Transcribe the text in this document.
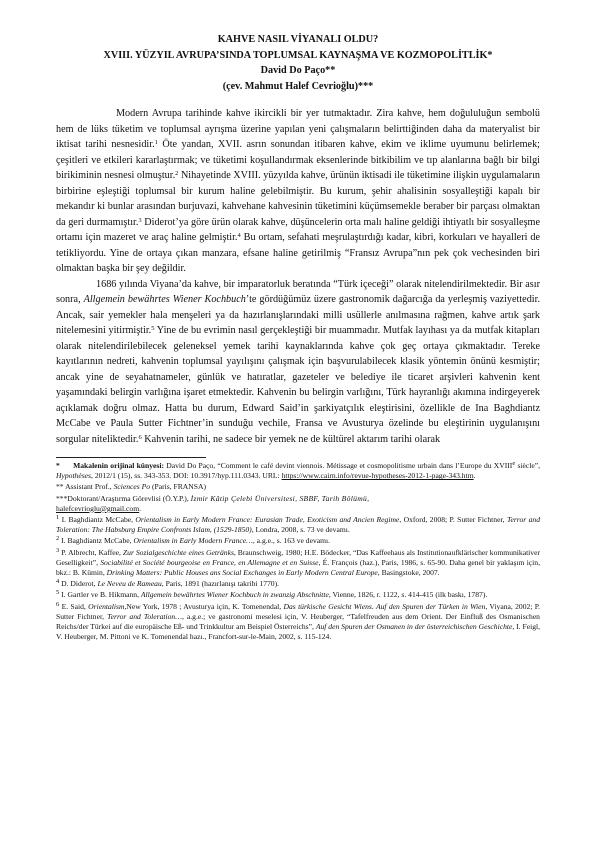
KAHVE NASIL VİYANALI OLDU?
XVIII. YÜZYIL AVRUPA’SINDA TOPLUMSAL KAYNAŞMA VE KOZMOPOLİTLİK*
David Do Paço**
(çev. Mahmut Halef Cevrioğlu)***

Modern Avrupa tarihinde kahve ikircikli bir yer tutmaktadır. Zira kahve, hem doğululuğun sembolü hem de lüks tüketim ve toplumsal ayrışma üzerine yapılan yeni çalışmaların belirttiğinden daha da materyalist bir iktisat tarihi nesnesidir.$^1$ Öte yandan, XVII. asrın sonundan itibaren kahve, ekim ve iklime uyumunu belirlemek; çeşitleri ve etkileri kararlaştırmak; ve tüketimi koşullandırmak eksenlerinde bitkibilim ve tıp alanlarına bağlı bir bilgi birikiminin nesnesi olmuştur.$^2$ Nihayetinde XVIII. yüzyılda kahve, ürünün iktisadi ile tüketimine ilişkin uygulamaların birbirine eşleştiği toplumsal bir kurum haline gelebilmiştir. Bu kurum, şehir ahalisinin sosyalleştiği kapalı bir mekandır ki bunlar arasından burjuvazi, kahvehane kahvesinin tüketimini küçümsemekle beraber bir parçası olmaktan da geri durmamıştır.$^3$ Diderot’ya göre ürün olarak kahve, düşüncelerin orta malı haline geldiği ihtiyatlı bir sosyalleşme ortamı için mazeret ve araç haline gelmiştir.$^4$ Bu ortam, sefahati meşrulaştırdığı kadar, kibri, korkuları ve hayalleri de tetikliyordu. Yine de ortaya çıkan manzara, efsane haline getirilmiş “Fransız Avrupa”nın pek çok vechesinden biri olmaktan başka bir şey değildir.

1686 yılında Viyana’da kahve, bir imparatorluk beratında “Türk içeceği” olarak nitelendirilmektedir. Bir asır sonra, Allgemein bewährtes Wiener Kochbuch’te gördüğümüz üzere gastronomik dağarcığa da yerleşmiş vaziyettedir. Ancak, sair yemekler hala menşeleri ya da hazırlanışlarındaki milli usüllerle anılmasına rağmen, kahve artık şark nitelemesini yitirmiştir.$^5$ Yine de bu evrimin nasıl gerçekleştiği bir muammadır. Mutfak layıhası ya da mutfak kitapları olarak nitelendirilebilecek geleneksel yemek tarihi kaynaklarında kahve çok geç ortaya çıkmaktadır. Tereke kayıtlarının nedreti, kahvenin toplumsal yayılışını çalışmak için başvurulabilecek klasik yöntemin önünü kesmiştir; ancak yine de seyahatnameler, günlük ve hatıratlar, gazeteler ve belediye ile ticaret arşivleri kahvenin kent yaşamındaki belirgin varlığına işaret etmektedir. Kahvenin bu belirgin varlığını, Türk hayranlığı akımına indirgeyerek açıklamak doğru olmaz. Hatta bu durum, Edward Said’in şarkiyatçılık eleştirisini, özellikle de Ina Baghdiantz McCabe ve Paula Sutter Fichtner’in sunduğu vechile, Fransa ve Avusturya özelinde bu eleştirinin uygulanışını sorgular niteliktedir.$^6$ Kahvenin tarihi, ne sadece bir yemek ne de kültürel aktarım tarihi olarak

* Makalenin orijinal künyesi: David Do Paço, “Comment le café devint viennois. Métissage et cosmopolitisme urbain dans l’Europe du XVIIIe siècle”, Hypothèses, 2012/1 (15), ss. 343-353. DOI: 10.3917/hyp.111.0343. URL: https://www.cairn.info/revue-hypotheses-2012-1-page-343.htm.

** Assistant Prof., Sciences Po (Paris, FRANSA)

***Doktorant/Araştırma Görevlisi (Ö.Y.P.), İzmir Kâtip Çelebi Üniversitesi, SBBF, Tarih Bölümü,
halefcevrioglu@gmail.com.

$^1$ I. Baghdiantz McCabe, Orientalism in Early Modern France: Eurasian Trade, Exoticism and Ancien Regime, Oxford, 2008; P. Sutter Fichtner, Terror and Toleration: The Habsburg Empire Confronts Islam, (1529-1850), Londra, 2008, s. 73 ve devamı.

$^2$ I. Baghdiantz McCabe, Orientalism in Early Modern France…, a.g.e., s. 163 ve devamı.

$^3$ P. Albrecht, Kaffee, Zur Sozialgeschichte eines Getränks, Braunschweig, 1980; H.E. Bödecker, “Das Kaffeehaus als Institutionaufklärischer kommunikativer Geselligkeit”, Sociabilité et Société bourgeoise en France, en Allemagne et en Suisse, É. François (haz.), Paris, 1986, s. 65-90. Daha genel bir yaklaşım için, bkz.: B. Kümin, Drinking Matters: Public Houses ans Social Exchanges in Early Modern Central Europe, Basingstoke, 2007.

$^4$ D. Diderot, Le Neveu de Rameau, Paris, 1891 (hazırlanışı takribi 1770).

$^5$ I. Gartler ve B. Hikmann, Allgemein bewährtes Wiener Kochbuch in zwanzig Abschnitte, Vienne, 1826, r. 1122, s. 414-415 (ilk baskı, 1787).

$^6$ E. Said, Orientalism,New York, 1978 ; Avusturya için, K. Tomenendal, Das türkische Gesicht Wiens. Auf den Spuren der Türken in Wien, Viyana, 2002; P. Sutter Fichtner, Terror and Toleration…, a.g.e.; ve gastronomi meselesi için, V. Heuberger, “Tafelfreuden aus dem Orient. Der Einfluß des Osmanischen Reichs/der Türkei auf die europäische Eß- und Trinkkultur am Beispiel Österreichs”, Auf den Spuren der Osmanen in der österreichischen Geschichte, I. Feigl, V. Heuberger, M. Pittoni ve K. Tomenendal hazı., Francfort-sur-le-Main, 2002, s. 115-124.
